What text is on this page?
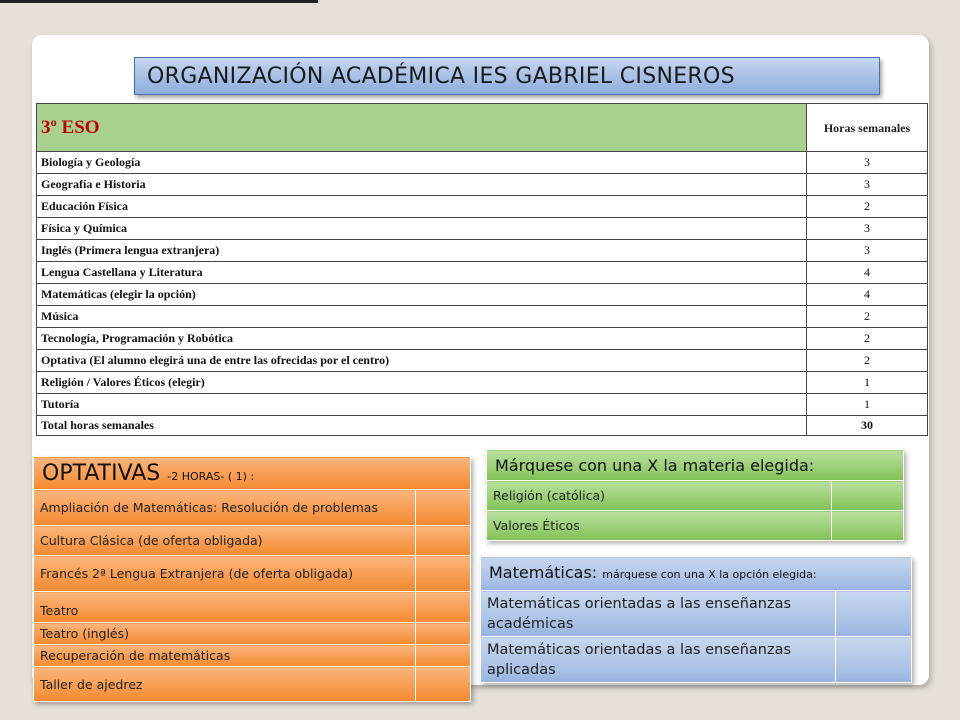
ORGANIZACIÓN ACADÉMICA IES GABRIEL CISNEROS
3º ESO	Horas semanales
Biología y Geología	3
Geografía e Historia	3
Educación Física	2
Física y Química	3
Inglés (Primera lengua extranjera)	3
Lengua Castellana y Literatura	4
Matemáticas (elegir la opción)	4
Música	2
Tecnología, Programación y Robótica	2
Optativa (El alumno elegirá una de entre las ofrecidas por el centro)	2
Religión / Valores Éticos (elegir)	1
Tutoría	1
Total horas semanales	30
OPTATIVAS -2 HORAS- ( 1) :	
Ampliación de Matemáticas: Resolución de problemas	
Cultura Clásica (de oferta obligada)	
Francés 2ª Lengua Extranjera (de oferta obligada)	
Teatro	
Teatro (inglés)	
Recuperación de matemáticas	
Taller de ajedrez	
Márquese con una X la materia elegida:	
Religión (católica)	
Valores Éticos	
Matemáticas: márquese con una X la opción elegida:	
Matemáticas orientadas a las enseñanzas académicas	
Matemáticas orientadas a las enseñanzas aplicadas	
